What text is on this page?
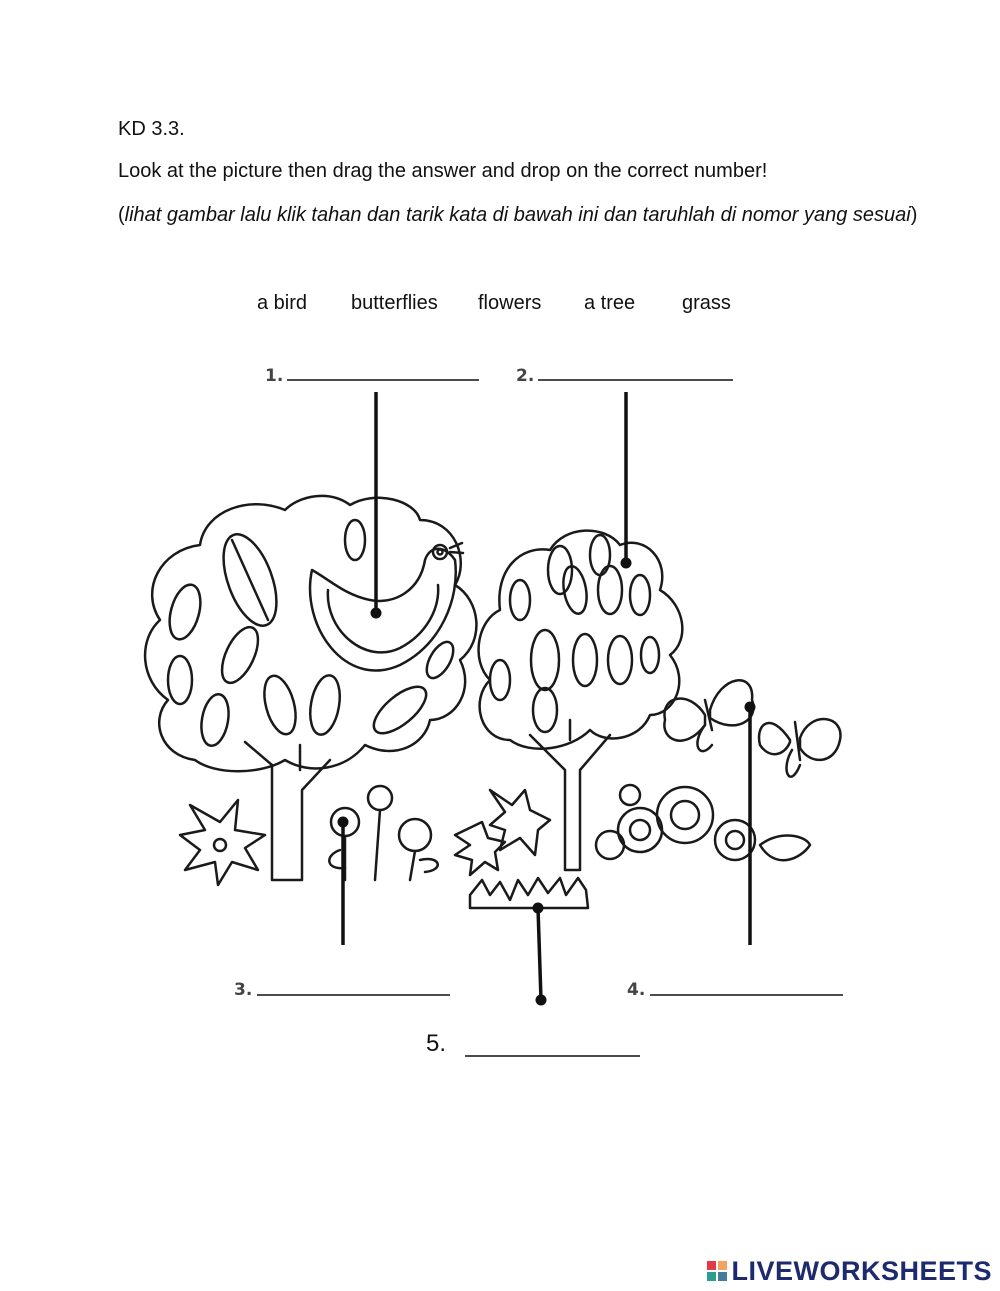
KD 3.3.

Look at the picture then drag the answer and drop on the correct number!

(lihat gambar lalu klik tahan dan tarik kata di bawah ini dan taruhlah di nomor yang sesuai)

a bird butterflies flowers a tree grass
1.	2.
3.	4.
5.
LIVEWORKSHEETS
